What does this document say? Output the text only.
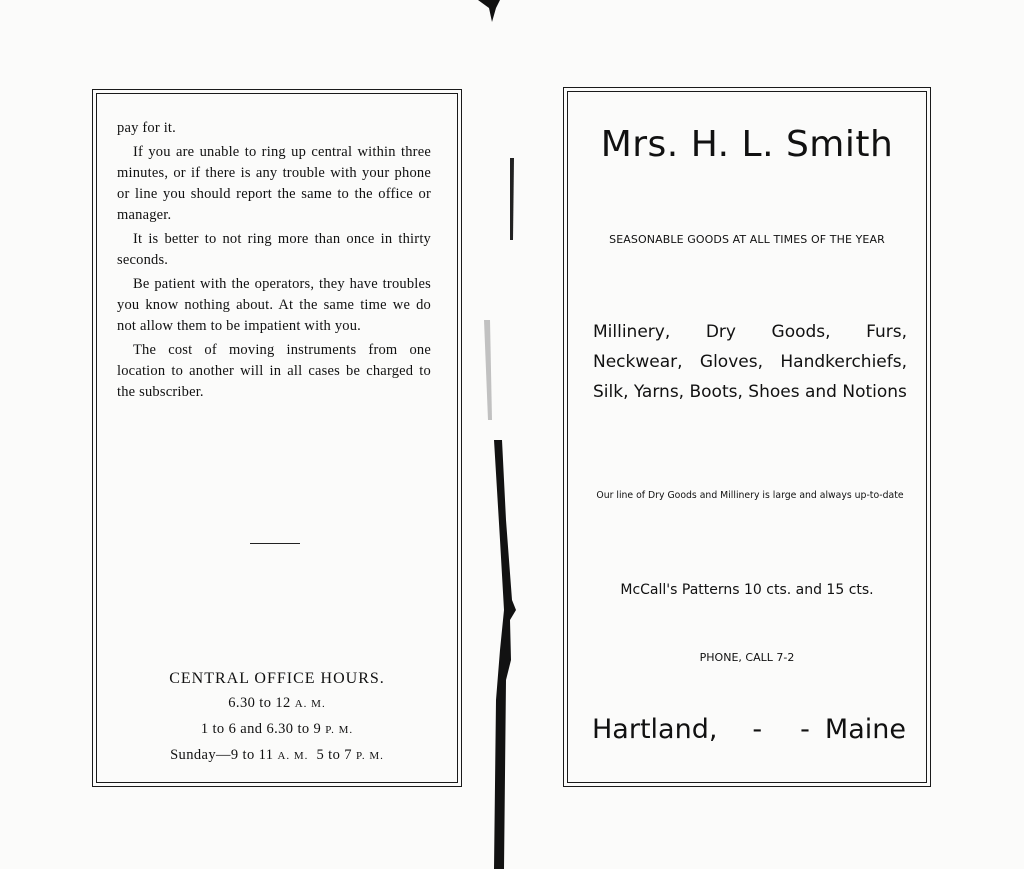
pay for it.

If you are unable to ring up central within three minutes, or if there is any trouble with your phone or line you should report the same to the office or manager.

It is better to not ring more than once in thirty seconds.

Be patient with the operators, they have troubles you know nothing about. At the same time we do not allow them to be impatient with you.

The cost of moving instruments from one location to another will in all cases be charged to the subscriber.

CENTRAL OFFICE HOURS.
6.30 to 12 A. M.
1 to 6 and 6.30 to 9 P. M.
Sunday—9 to 11 A. M. 5 to 7 P. M.
Mrs. H. L. Smith
SEASONABLE GOODS AT ALL TIMES OF THE YEAR
Millinery, Dry Goods, Furs, Neckwear, Gloves, Handkerchiefs, Silk, Yarns, Boots, Shoes and Notions
Our line of Dry Goods and Millinery is large and always up-to-date
McCall's Patterns 10 cts. and 15 cts.
PHONE, CALL 7-2
Hartland, - - Maine
